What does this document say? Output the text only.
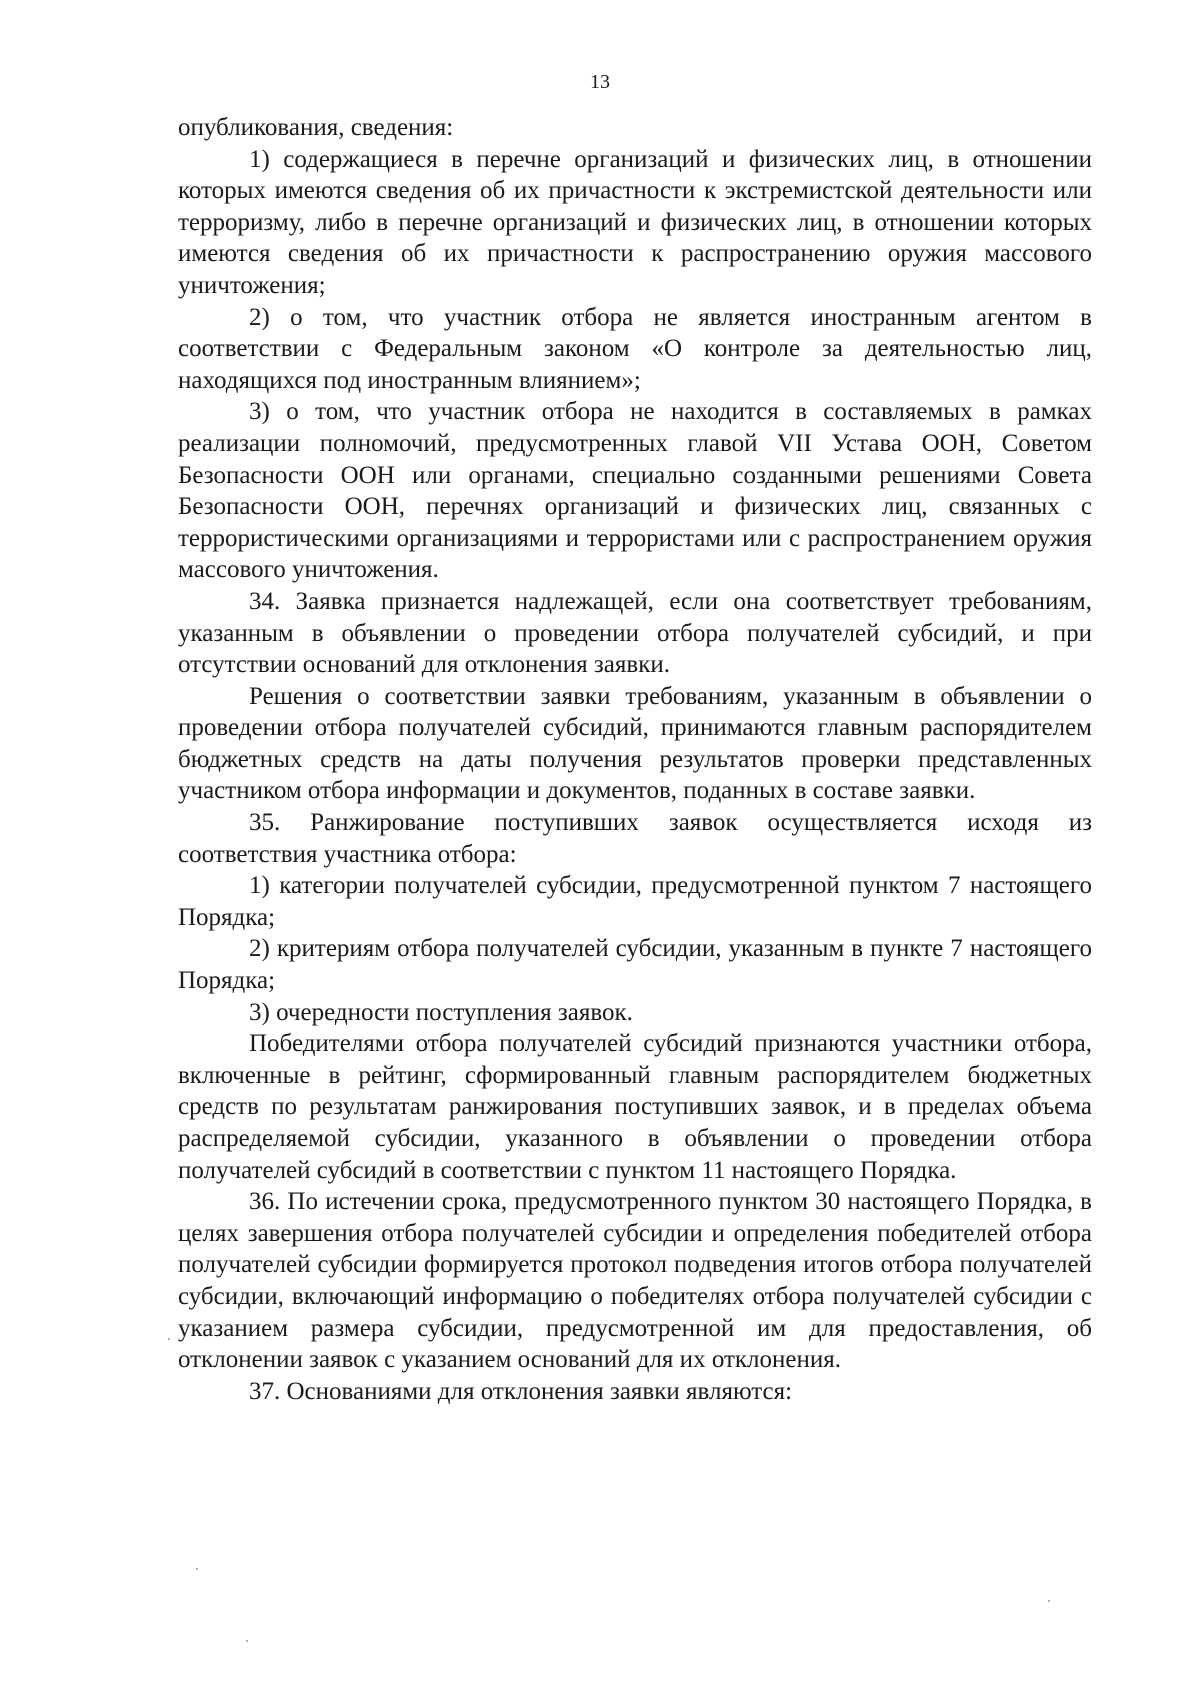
13

опубликования, сведения:

1) содержащиеся в перечне организаций и физических лиц, в отношении которых имеются сведения об их причастности к экстремистской деятельности или терроризму, либо в перечне организаций и физических лиц, в отношении которых имеются сведения об их причастности к распространению оружия массового уничтожения;

2) о том, что участник отбора не является иностранным агентом в соответствии с Федеральным законом «О контроле за деятельностью лиц, находящихся под иностранным влиянием»;

3) о том, что участник отбора не находится в составляемых в рамках реализации полномочий, предусмотренных главой VII Устава ООН, Советом Безопасности ООН или органами, специально созданными решениями Совета Безопасности ООН, перечнях организаций и физических лиц, связанных с террористическими организациями и террористами или с распространением оружия массового уничтожения.

34. Заявка признается надлежащей, если она соответствует требованиям, указанным в объявлении о проведении отбора получателей субсидий, и при отсутствии оснований для отклонения заявки.

Решения о соответствии заявки требованиям, указанным в объявлении о проведении отбора получателей субсидий, принимаются главным распорядителем бюджетных средств на даты получения результатов проверки представленных участником отбора информации и документов, поданных в составе заявки.

35. Ранжирование поступивших заявок осуществляется исходя из соответствия участника отбора:

1) категории получателей субсидии, предусмотренной пунктом 7 настоящего Порядка;

2) критериям отбора получателей субсидии, указанным в пункте 7 настоящего Порядка;

3) очередности поступления заявок.

Победителями отбора получателей субсидий признаются участники отбора, включенные в рейтинг, сформированный главным распорядителем бюджетных средств по результатам ранжирования поступивших заявок, и в пределах объема распределяемой субсидии, указанного в объявлении о проведении отбора получателей субсидий в соответствии с пунктом 11 настоящего Порядка.

36. По истечении срока, предусмотренного пунктом 30 настоящего Порядка, в целях завершения отбора получателей субсидии и определения победителей отбора получателей субсидии формируется протокол подведения итогов отбора получателей субсидии, включающий информацию о победителях отбора получателей субсидии с указанием размера субсидии, предусмотренной им для предоставления, об отклонении заявок с указанием оснований для их отклонения.

37. Основаниями для отклонения заявки являются:
